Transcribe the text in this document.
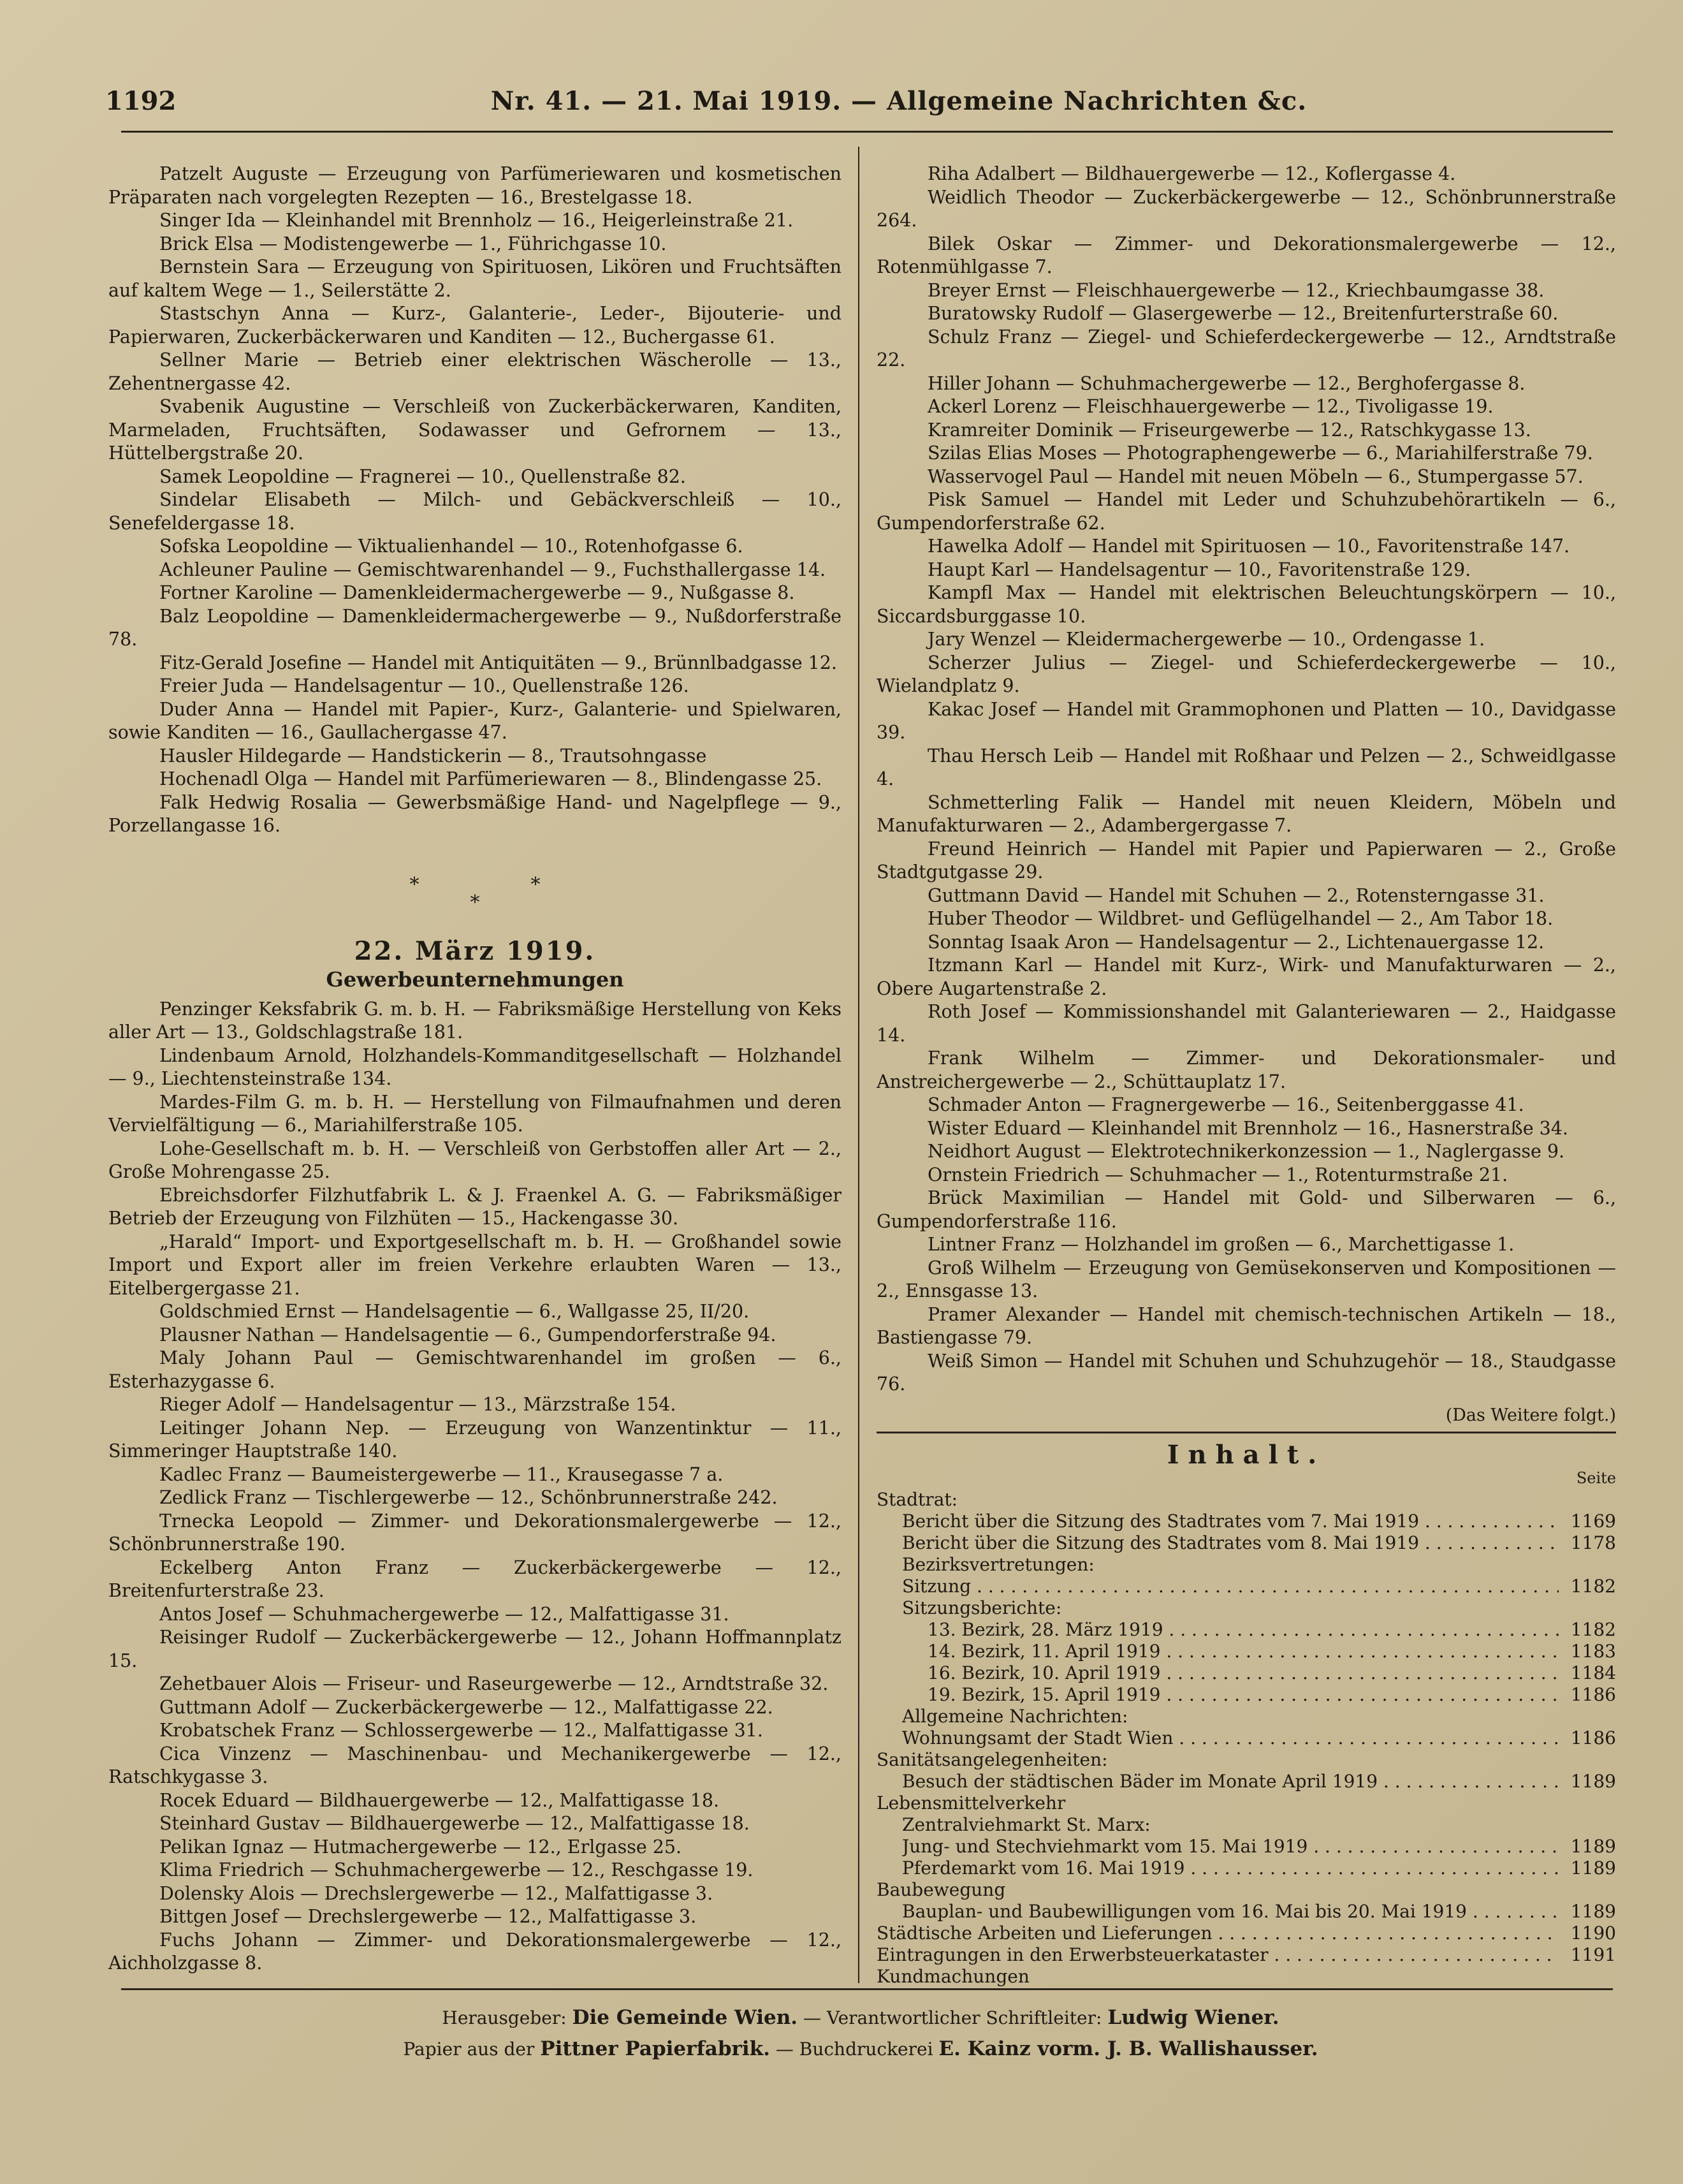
1192	Nr. 41. — 21. Mai 1919. — Allgemeine Nachrichten &c.

Patzelt Auguste — Erzeugung von Parfümeriewaren und kosmetischen Präparaten nach vorgelegten Rezepten — 16., Brestelgasse 18.

Singer Ida — Kleinhandel mit Brennholz — 16., Heigerleinstraße 21.

Brick Elsa — Modistengewerbe — 1., Führichgasse 10.

Bernstein Sara — Erzeugung von Spirituosen, Likören und Fruchtsäften auf kaltem Wege — 1., Seilerstätte 2.

Stastschyn Anna — Kurz-, Galanterie-, Leder-, Bijouterie- und Papierwaren, Zuckerbäckerwaren und Kanditen — 12., Buchergasse 61.

Sellner Marie — Betrieb einer elektrischen Wäscherolle — 13., Zehentnergasse 42.

Svabenik Augustine — Verschleiß von Zuckerbäckerwaren, Kanditen, Marmeladen, Fruchtsäften, Sodawasser und Gefrornem — 13., Hüttelbergstraße 20.

Samek Leopoldine — Fragnerei — 10., Quellenstraße 82.

Sindelar Elisabeth — Milch- und Gebäckverschleiß — 10., Senefeldergasse 18.

Sofska Leopoldine — Viktualienhandel — 10., Rotenhofgasse 6.

Achleuner Pauline — Gemischtwarenhandel — 9., Fuchsthallergasse 14.

Fortner Karoline — Damenkleidermachergewerbe — 9., Nußgasse 8.

Balz Leopoldine — Damenkleidermachergewerbe — 9., Nußdorferstraße 78.

Fitz-Gerald Josefine — Handel mit Antiquitäten — 9., Brünnlbadgasse 12.

Freier Juda — Handelsagentur — 10., Quellenstraße 126.

Duder Anna — Handel mit Papier-, Kurz-, Galanterie- und Spielwaren, sowie Kanditen — 16., Gaullachergasse 47.

Hausler Hildegarde — Handstickerin — 8., Trautsohngasse

Hochenadl Olga — Handel mit Parfümeriewaren — 8., Blindengasse 25.

Falk Hedwig Rosalia — Gewerbsmäßige Hand- und Nagelpflege — 9., Porzellangasse 16.

*
*
*
22. März 1919.
Gewerbeunternehmungen

Penzinger Keksfabrik G. m. b. H. — Fabriksmäßige Herstellung von Keks aller Art — 13., Goldschlagstraße 181.

Lindenbaum Arnold, Holzhandels-Kommanditgesellschaft — Holzhandel — 9., Liechtensteinstraße 134.

Mardes-Film G. m. b. H. — Herstellung von Filmaufnahmen und deren Vervielfältigung — 6., Mariahilferstraße 105.

Lohe-Gesellschaft m. b. H. — Verschleiß von Gerbstoffen aller Art — 2., Große Mohrengasse 25.

Ebreichsdorfer Filzhutfabrik L. & J. Fraenkel A. G. — Fabriksmäßiger Betrieb der Erzeugung von Filzhüten — 15., Hackengasse 30.

„Harald“ Import- und Exportgesellschaft m. b. H. — Großhandel sowie Import und Export aller im freien Verkehre erlaubten Waren — 13., Eitelbergergasse 21.

Goldschmied Ernst — Handelsagentie — 6., Wallgasse 25, II/20.

Plausner Nathan — Handelsagentie — 6., Gumpendorferstraße 94.

Maly Johann Paul — Gemischtwarenhandel im großen — 6., Esterhazygasse 6.

Rieger Adolf — Handelsagentur — 13., Märzstraße 154.

Leitinger Johann Nep. — Erzeugung von Wanzentinktur — 11., Simmeringer Hauptstraße 140.

Kadlec Franz — Baumeistergewerbe — 11., Krausegasse 7 a.

Zedlick Franz — Tischlergewerbe — 12., Schönbrunnerstraße 242.

Trnecka Leopold — Zimmer- und Dekorationsmalergewerbe — 12., Schönbrunnerstraße 190.

Eckelberg Anton Franz — Zuckerbäckergewerbe — 12., Breitenfurterstraße 23.

Antos Josef — Schuhmachergewerbe — 12., Malfattigasse 31.

Reisinger Rudolf — Zuckerbäckergewerbe — 12., Johann Hoffmannplatz 15.

Zehetbauer Alois — Friseur- und Raseurgewerbe — 12., Arndtstraße 32.

Guttmann Adolf — Zuckerbäckergewerbe — 12., Malfattigasse 22.

Krobatschek Franz — Schlossergewerbe — 12., Malfattigasse 31.

Cica Vinzenz — Maschinenbau- und Mechanikergewerbe — 12., Ratschkygasse 3.

Rocek Eduard — Bildhauergewerbe — 12., Malfattigasse 18.

Steinhard Gustav — Bildhauergewerbe — 12., Malfattigasse 18.

Pelikan Ignaz — Hutmachergewerbe — 12., Erlgasse 25.

Klima Friedrich — Schuhmachergewerbe — 12., Reschgasse 19.

Dolensky Alois — Drechslergewerbe — 12., Malfattigasse 3.

Bittgen Josef — Drechslergewerbe — 12., Malfattigasse 3.

Fuchs Johann — Zimmer- und Dekorationsmalergewerbe — 12., Aichholzgasse 8.

Riha Adalbert — Bildhauergewerbe — 12., Koflergasse 4.

Weidlich Theodor — Zuckerbäckergewerbe — 12., Schönbrunnerstraße 264.

Bilek Oskar — Zimmer- und Dekorationsmalergewerbe — 12., Rotenmühlgasse 7.

Breyer Ernst — Fleischhauergewerbe — 12., Kriechbaumgasse 38.

Buratowsky Rudolf — Glasergewerbe — 12., Breitenfurterstraße 60.

Schulz Franz — Ziegel- und Schieferdeckergewerbe — 12., Arndtstraße 22.

Hiller Johann — Schuhmachergewerbe — 12., Berghofergasse 8.

Ackerl Lorenz — Fleischhauergewerbe — 12., Tivoligasse 19.

Kramreiter Dominik — Friseurgewerbe — 12., Ratschkygasse 13.

Szilas Elias Moses — Photographengewerbe — 6., Mariahilferstraße 79.

Wasservogel Paul — Handel mit neuen Möbeln — 6., Stumpergasse 57.

Pisk Samuel — Handel mit Leder und Schuhzubehörartikeln — 6., Gumpendorferstraße 62.

Hawelka Adolf — Handel mit Spirituosen — 10., Favoritenstraße 147.

Haupt Karl — Handelsagentur — 10., Favoritenstraße 129.

Kampfl Max — Handel mit elektrischen Beleuchtungskörpern — 10., Siccardsburggasse 10.

Jary Wenzel — Kleidermachergewerbe — 10., Ordengasse 1.

Scherzer Julius — Ziegel- und Schieferdeckergewerbe — 10., Wielandplatz 9.

Kakac Josef — Handel mit Grammophonen und Platten — 10., Davidgasse 39.

Thau Hersch Leib — Handel mit Roßhaar und Pelzen — 2., Schweidlgasse 4.

Schmetterling Falik — Handel mit neuen Kleidern, Möbeln und Manufakturwaren — 2., Adambergergasse 7.

Freund Heinrich — Handel mit Papier und Papierwaren — 2., Große Stadtgutgasse 29.

Guttmann David — Handel mit Schuhen — 2., Rotensterngasse 31.

Huber Theodor — Wildbret- und Geflügelhandel — 2., Am Tabor 18.

Sonntag Isaak Aron — Handelsagentur — 2., Lichtenauergasse 12.

Itzmann Karl — Handel mit Kurz-, Wirk- und Manufakturwaren — 2., Obere Augartenstraße 2.

Roth Josef — Kommissionshandel mit Galanteriewaren — 2., Haidgasse 14.

Frank Wilhelm — Zimmer- und Dekorationsmaler- und Anstreichergewerbe — 2., Schüttauplatz 17.

Schmader Anton — Fragnergewerbe — 16., Seitenberggasse 41.

Wister Eduard — Kleinhandel mit Brennholz — 16., Hasnerstraße 34.

Neidhort August — Elektrotechnikerkonzession — 1., Naglergasse 9.

Ornstein Friedrich — Schuhmacher — 1., Rotenturmstraße 21.

Brück Maximilian — Handel mit Gold- und Silberwaren — 6., Gumpendorferstraße 116.

Lintner Franz — Holzhandel im großen — 6., Marchettigasse 1.

Groß Wilhelm — Erzeugung von Gemüsekonserven und Kompositionen — 2., Ennsgasse 13.

Pramer Alexander — Handel mit chemisch-technischen Artikeln — 18., Bastiengasse 79.

Weiß Simon — Handel mit Schuhen und Schuhzugehör — 18., Staudgasse 76.

(Das Weitere folgt.)
Inhalt.
Seite
Stadtrat:
Bericht über die Sitzung des Stadtrates vom 7. Mai 1919 . . .	1169
Bericht über die Sitzung des Stadtrates vom 8. Mai 1919 . . .	1178
Bezirksvertretungen:
Sitzung . . .	1182
Sitzungsberichte:
13. Bezirk, 28. März 1919 . . .	1182
14. Bezirk, 11. April 1919 . . .	1183
16. Bezirk, 10. April 1919 . . .	1184
19. Bezirk, 15. April 1919 . . .	1186
Allgemeine Nachrichten:
Wohnungsamt der Stadt Wien . . .	1186
Sanitätsangelegenheiten:
Besuch der städtischen Bäder im Monate April 1919 . . .	1189
Lebensmittelverkehr
Zentralviehmarkt St. Marx:
Jung- und Stechviehmarkt vom 15. Mai 1919 . . .	1189
Pferdemarkt vom 16. Mai 1919 . . .	1189
Baubewegung
Bauplan- und Baubewilligungen vom 16. Mai bis 20. Mai 1919 . . .	1189
Städtische Arbeiten und Lieferungen . . .	1190
Eintragungen in den Erwerbsteuerkataster . . .	1191
Kundmachungen
Herausgeber: Die Gemeinde Wien. — Verantwortlicher Schriftleiter: Ludwig Wiener.
Papier aus der Pittner Papierfabrik. — Buchdruckerei E. Kainz vorm. J. B. Wallishausser.
